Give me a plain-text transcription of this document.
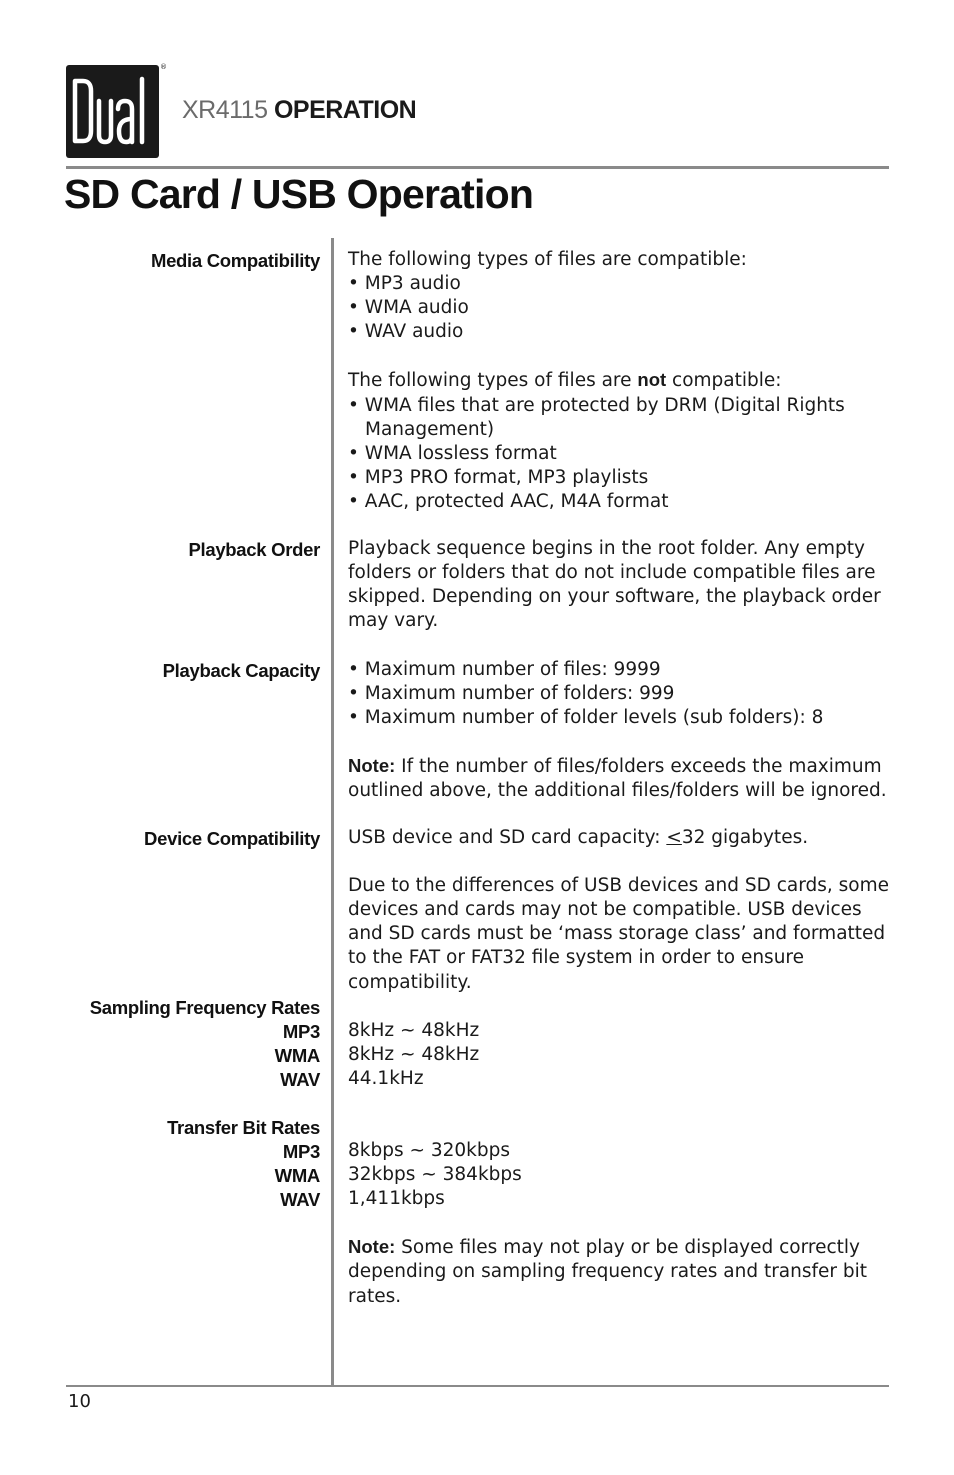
®
XR4115 OPERATION
SD Card / USB Operation
Media Compatibility The following types of files are compatible:

• MP3 audio
• WMA audio
• WAV audio

The following types of files are not compatible:

• WMA files that are protected by DRM (Digital Rights Management)
• WMA lossless format
• MP3 PRO format, MP3 playlists
• AAC, protected AAC, M4A format
Playback Order Playback sequence begins in the root folder. Any empty folders or folders that do not include compatible files are skipped. Depending on your software, the playback order may vary.

Playback Capacity	• Maximum number of files: 9999
• Maximum number of folders: 999
• Maximum number of folder levels (sub folders): 8

Note: If the number of files/folders exceeds the maximum outlined above, the additional files/folders will be ignored.

Device Compatibility USB device and SD card capacity: <32 gigabytes.

Due to the differences of USB devices and SD cards, some devices and cards may not be compatible. USB devices and SD cards must be ‘mass storage class’ and formatted to the FAT or FAT32 file system in order to ensure compatibility.

Sampling Frequency Rates
MP3
WMA
WAV

8kHz ~ 48kHz

8kHz ~ 48kHz

44.1kHz

Transfer Bit Rates
MP3
WMA
WAV

8kbps ~ 320kbps

32kbps ~ 384kbps

1,411kbps

Note: Some files may not play or be displayed correctly depending on sampling frequency rates and transfer bit rates.

10
